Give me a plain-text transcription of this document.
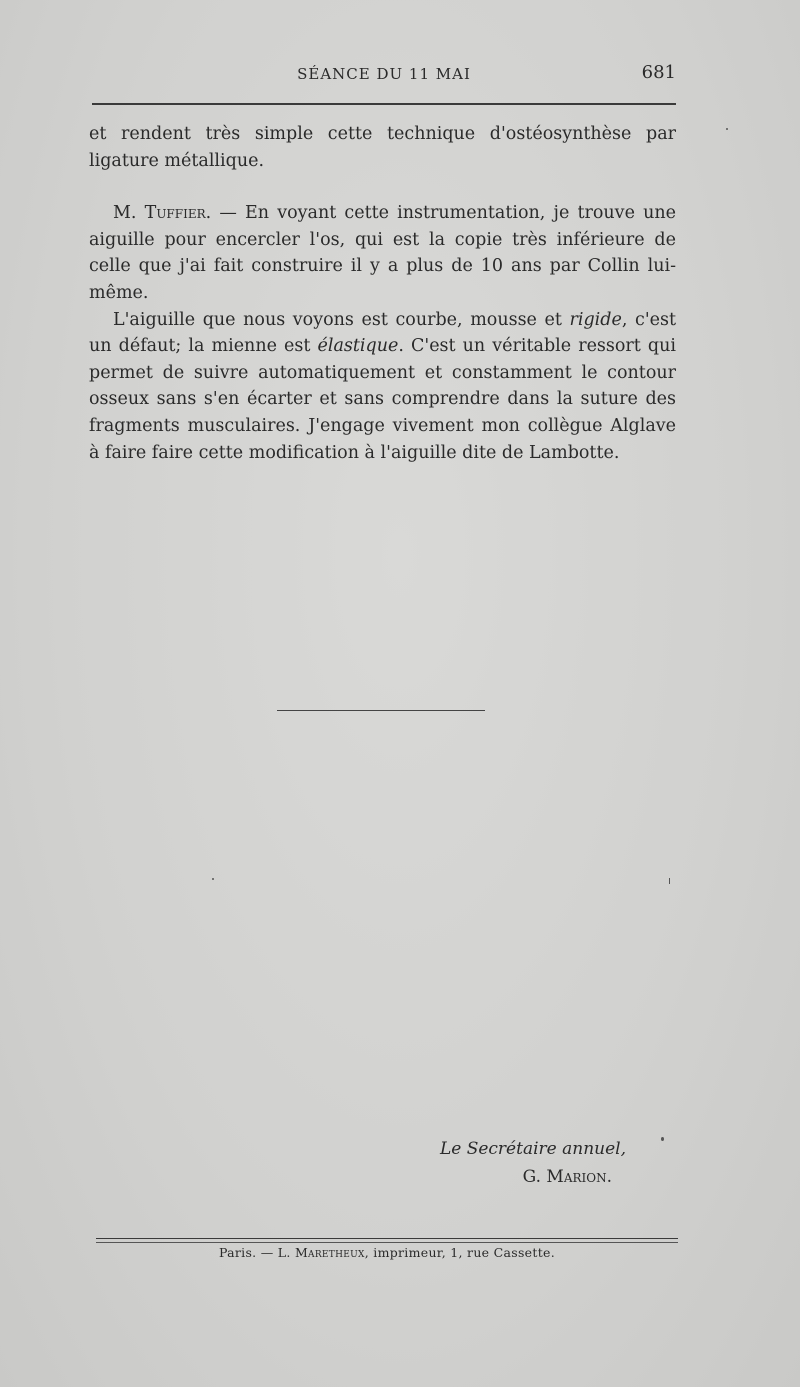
SÉANCE DU 11 MAI	681

et rendent très simple cette technique d'ostéosynthèse par ligature métallique.

M. Tuffier. — En voyant cette instrumentation, je trouve une aiguille pour encercler l'os, qui est la copie très inférieure de celle que j'ai fait construire il y a plus de 10 ans par Collin lui-même.

L'aiguille que nous voyons est courbe, mousse et rigide, c'est un défaut; la mienne est élastique. C'est un véritable ressort qui permet de suivre automatiquement et constamment le contour osseux sans s'en écarter et sans comprendre dans la suture des fragments musculaires. J'engage vivement mon collègue Alglave à faire faire cette modification à l'aiguille dite de Lambotte.

Le Secrétaire annuel,
G. Marion.
Paris. — L. Maretheux, imprimeur, 1, rue Cassette.
